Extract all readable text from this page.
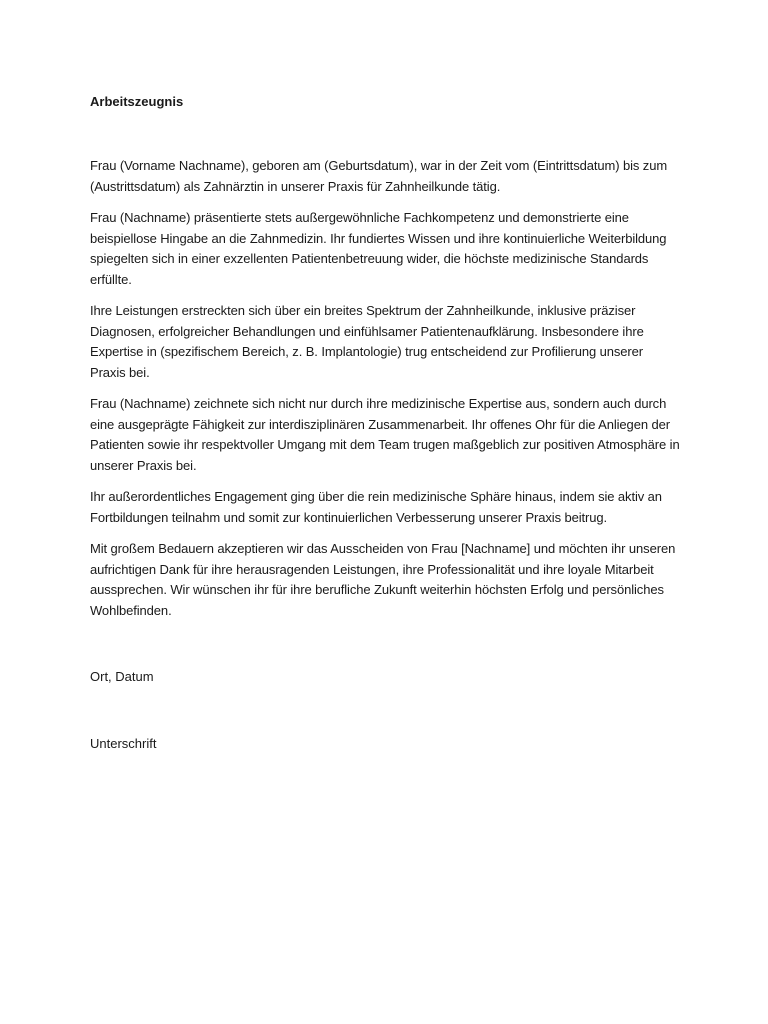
Arbeitszeugnis

Frau (Vorname Nachname), geboren am (Geburtsdatum), war in der Zeit vom (Eintrittsdatum) bis zum (Austrittsdatum) als Zahnärztin in unserer Praxis für Zahnheilkunde tätig.

Frau (Nachname) präsentierte stets außergewöhnliche Fachkompetenz und demonstrierte eine beispiellose Hingabe an die Zahnmedizin. Ihr fundiertes Wissen und ihre kontinuierliche Weiterbildung spiegelten sich in einer exzellenten Patientenbetreuung wider, die höchste medizinische Standards erfüllte.

Ihre Leistungen erstreckten sich über ein breites Spektrum der Zahnheilkunde, inklusive präziser Diagnosen, erfolgreicher Behandlungen und einfühlsamer Patientenaufklärung. Insbesondere ihre Expertise in (spezifischem Bereich, z. B. Implantologie) trug entscheidend zur Profilierung unserer Praxis bei.

Frau (Nachname) zeichnete sich nicht nur durch ihre medizinische Expertise aus, sondern auch durch eine ausgeprägte Fähigkeit zur interdisziplinären Zusammenarbeit. Ihr offenes Ohr für die Anliegen der Patienten sowie ihr respektvoller Umgang mit dem Team trugen maßgeblich zur positiven Atmosphäre in unserer Praxis bei.

Ihr außerordentliches Engagement ging über die rein medizinische Sphäre hinaus, indem sie aktiv an Fortbildungen teilnahm und somit zur kontinuierlichen Verbesserung unserer Praxis beitrug.

Mit großem Bedauern akzeptieren wir das Ausscheiden von Frau [Nachname] und möchten ihr unseren aufrichtigen Dank für ihre herausragenden Leistungen, ihre Professionalität und ihre loyale Mitarbeit aussprechen. Wir wünschen ihr für ihre berufliche Zukunft weiterhin höchsten Erfolg und persönliches Wohlbefinden.

Ort, Datum
Unterschrift
